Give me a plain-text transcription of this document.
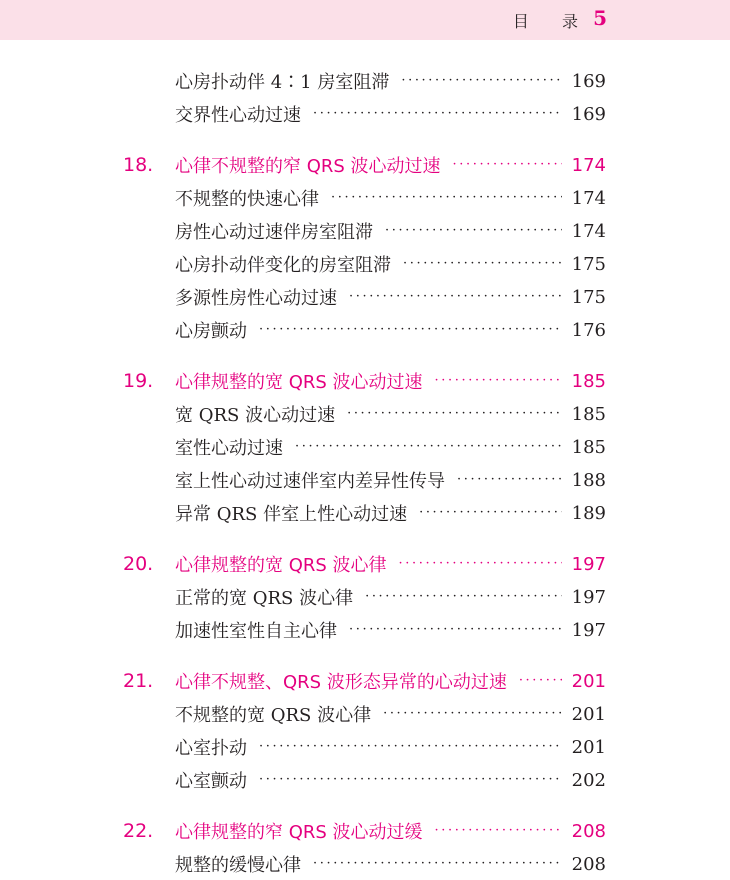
目 录 5
心房扑动伴 4∶1 房室阻滞 ·····	169
交界性心动过速 ·····	169
18. 心律不规整的窄 QRS 波心动过速 ·····	174
不规整的快速心律 ·····	174
房性心动过速伴房室阻滞 ·····	174
心房扑动伴变化的房室阻滞 ·····	175
多源性房性心动过速 ·····	175
心房颤动 ·····	176
19. 心律规整的宽 QRS 波心动过速 ·····	185
宽 QRS 波心动过速 ·····	185
室性心动过速 ·····	185
室上性心动过速伴室内差异性传导 ·····	188
异常 QRS 伴室上性心动过速 ·····	189
20. 心律规整的宽 QRS 波心律 ·····	197
正常的宽 QRS 波心律 ·····	197
加速性室性自主心律 ·····	197
21. 心律不规整、QRS 波形态异常的心动过速 ·····	201
不规整的宽 QRS 波心律 ·····	201
心室扑动 ·····	201
心室颤动 ·····	202
22. 心律规整的窄 QRS 波心动过缓 ·····	208
规整的缓慢心律 ·····	208
